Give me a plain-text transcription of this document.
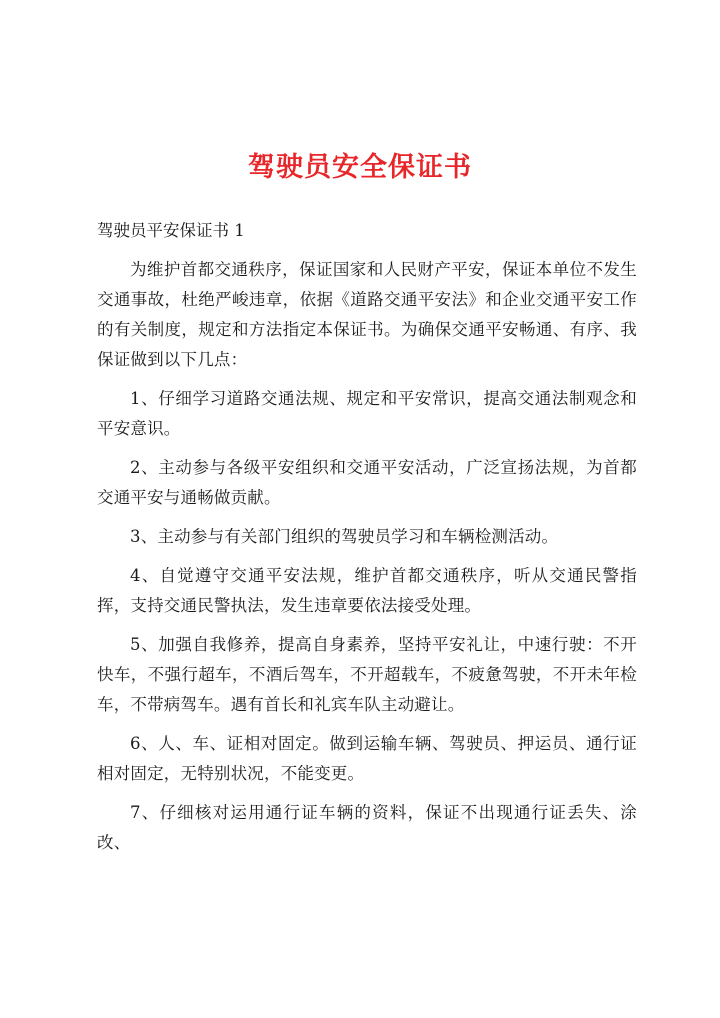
驾驶员安全保证书

驾驶员平安保证书 1

为维护首都交通秩序，保证国家和人民财产平安，保证本单位不发生交通事故，杜绝严峻违章，依据《道路交通平安法》和企业交通平安工作的有关制度，规定和方法指定本保证书。为确保交通平安畅通、有序、我保证做到以下几点：

1、仔细学习道路交通法规、规定和平安常识，提高交通法制观念和平安意识。

2、主动参与各级平安组织和交通平安活动，广泛宣扬法规，为首都交通平安与通畅做贡献。

3、主动参与有关部门组织的驾驶员学习和车辆检测活动。

4、自觉遵守交通平安法规，维护首都交通秩序，听从交通民警指挥，支持交通民警执法，发生违章要依法接受处理。

5、加强自我修养，提高自身素养，坚持平安礼让，中速行驶：不开快车，不强行超车，不酒后驾车，不开超载车，不疲惫驾驶，不开未年检车，不带病驾车。遇有首长和礼宾车队主动避让。

6、人、车、证相对固定。做到运输车辆、驾驶员、押运员、通行证相对固定，无特别状况，不能变更。

7、仔细核对运用通行证车辆的资料，保证不出现通行证丢失、涂改、
